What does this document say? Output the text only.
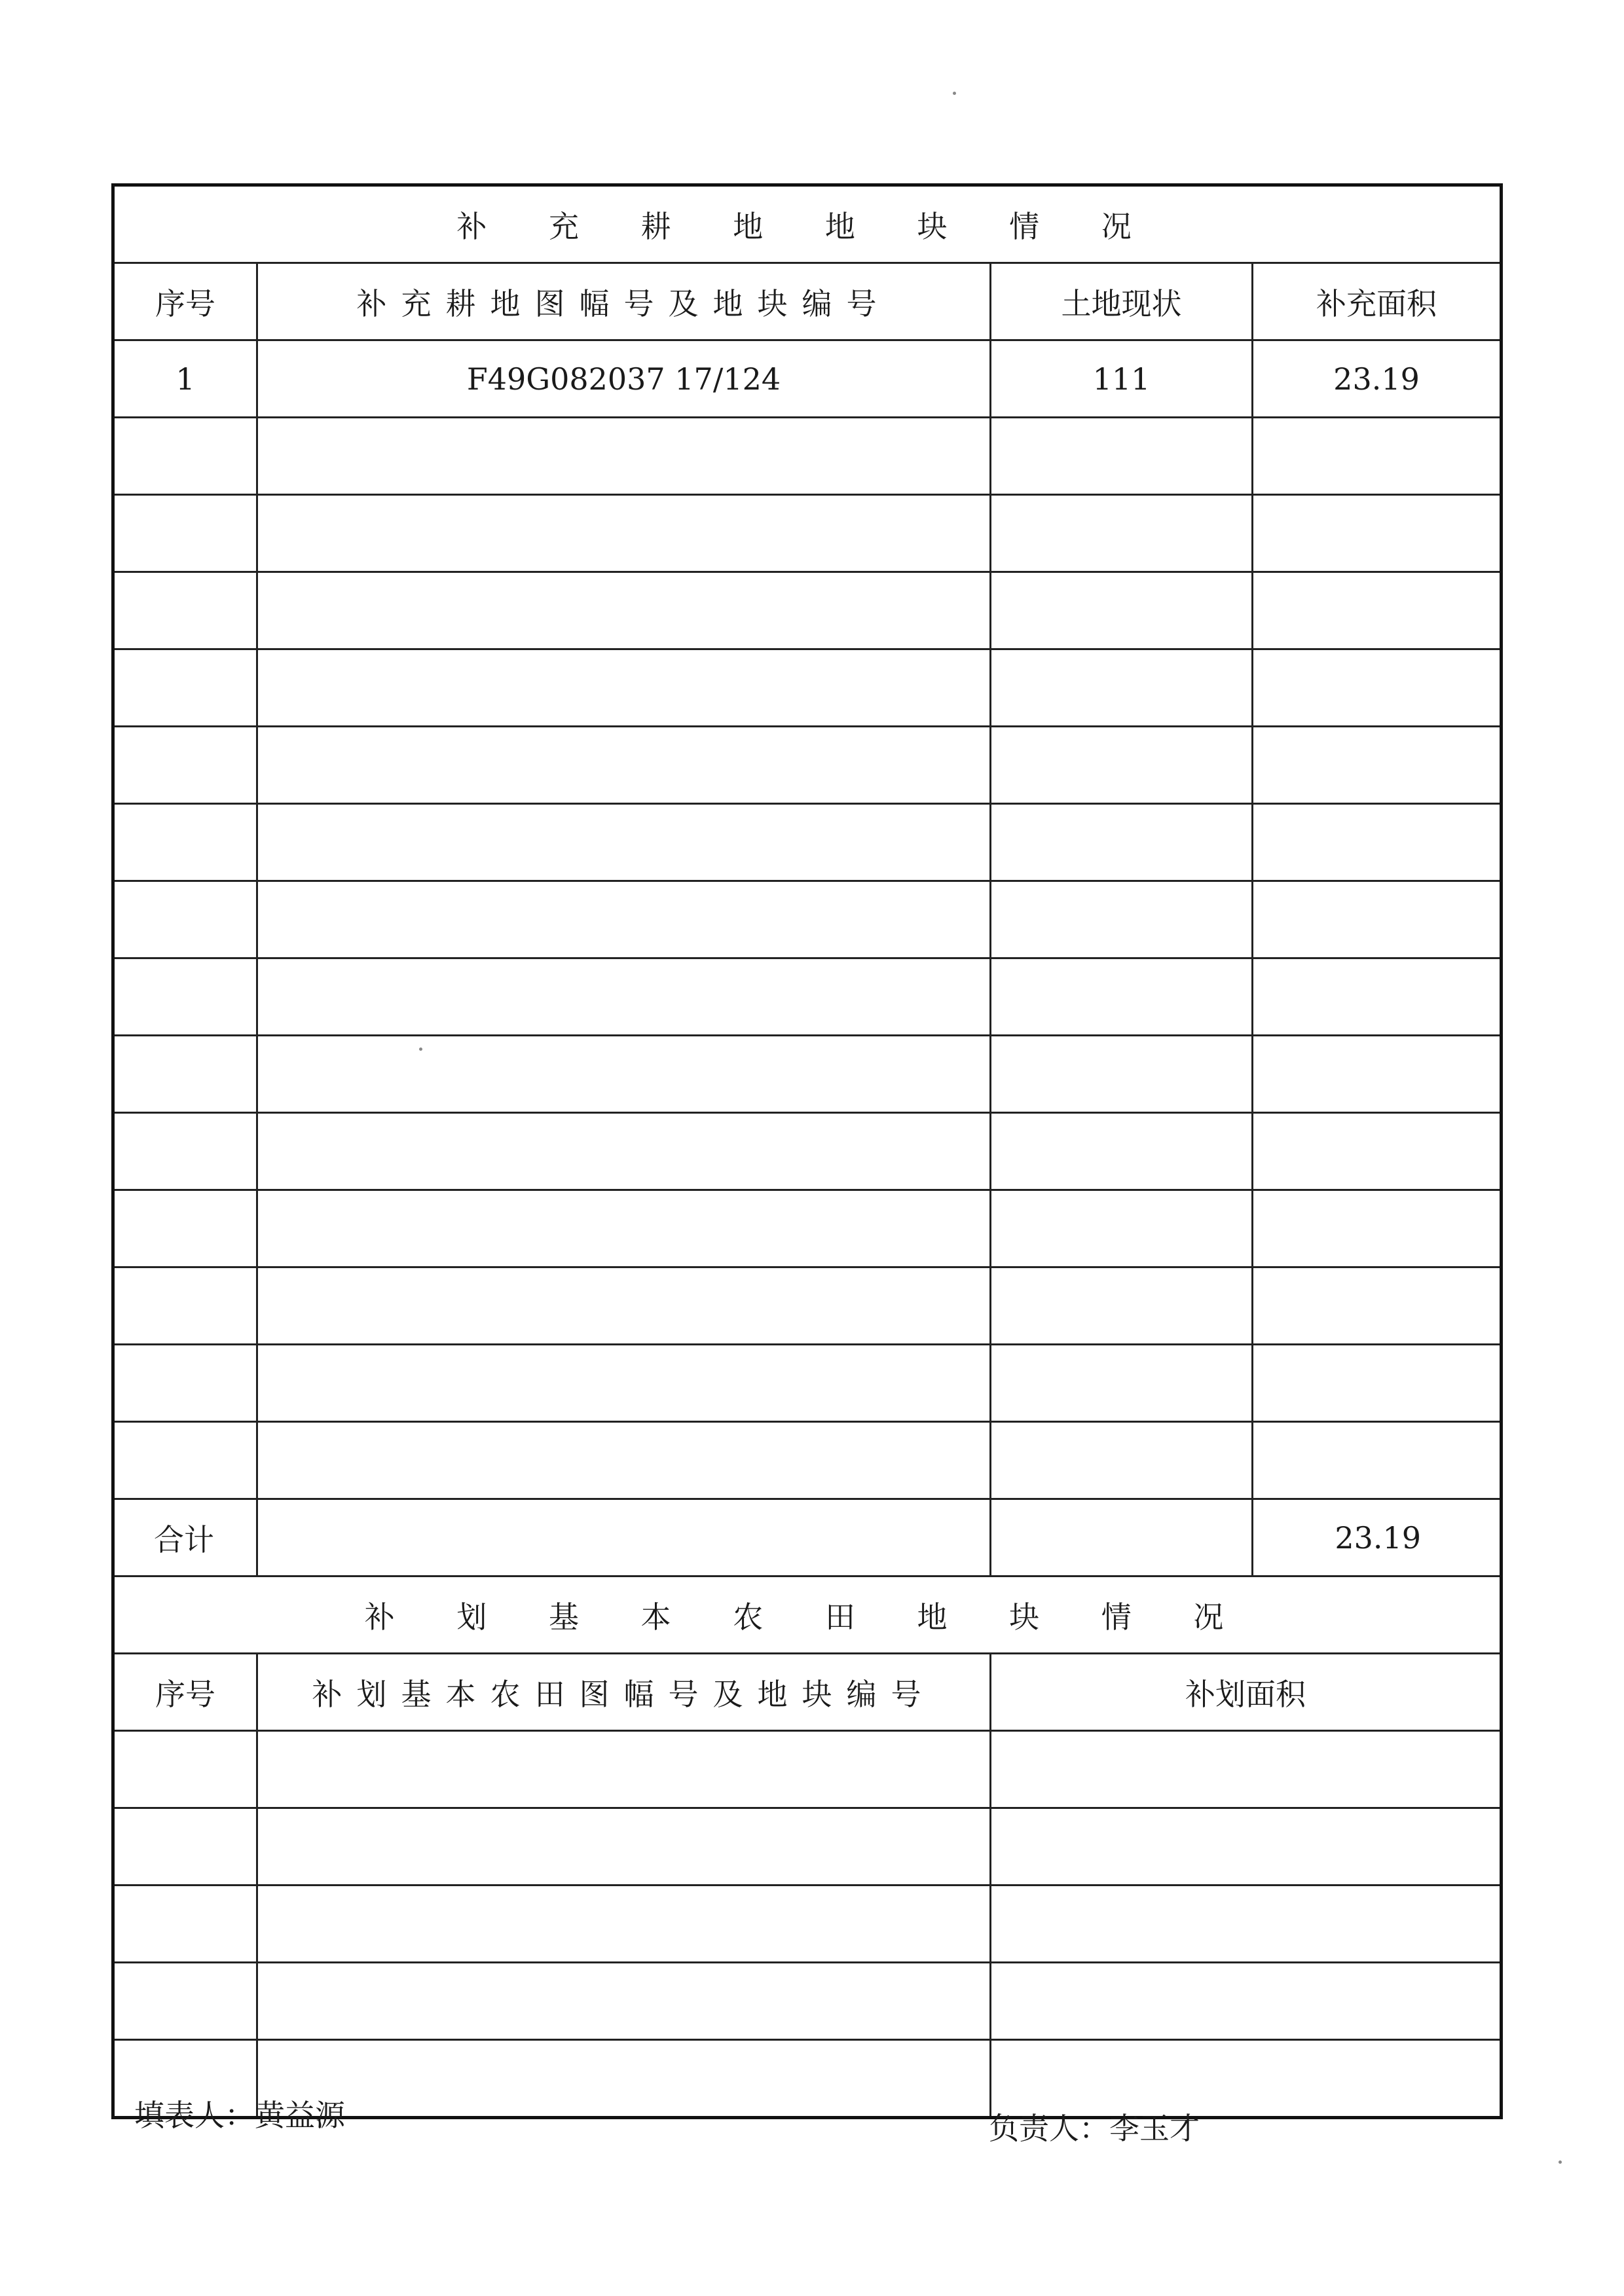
补 充 耕 地 地 块 情 况			
序号	补充耕地图幅号及地块编号	土地现状	补充面积
1	F49G082037 17/124	111	23.19

合计			23.19
补 划 基 本 农 田 地 块 情 况			
序号	补划基本农田图幅号及地块编号	补划面积	

填表人：黄益源	负责人：李玉才
